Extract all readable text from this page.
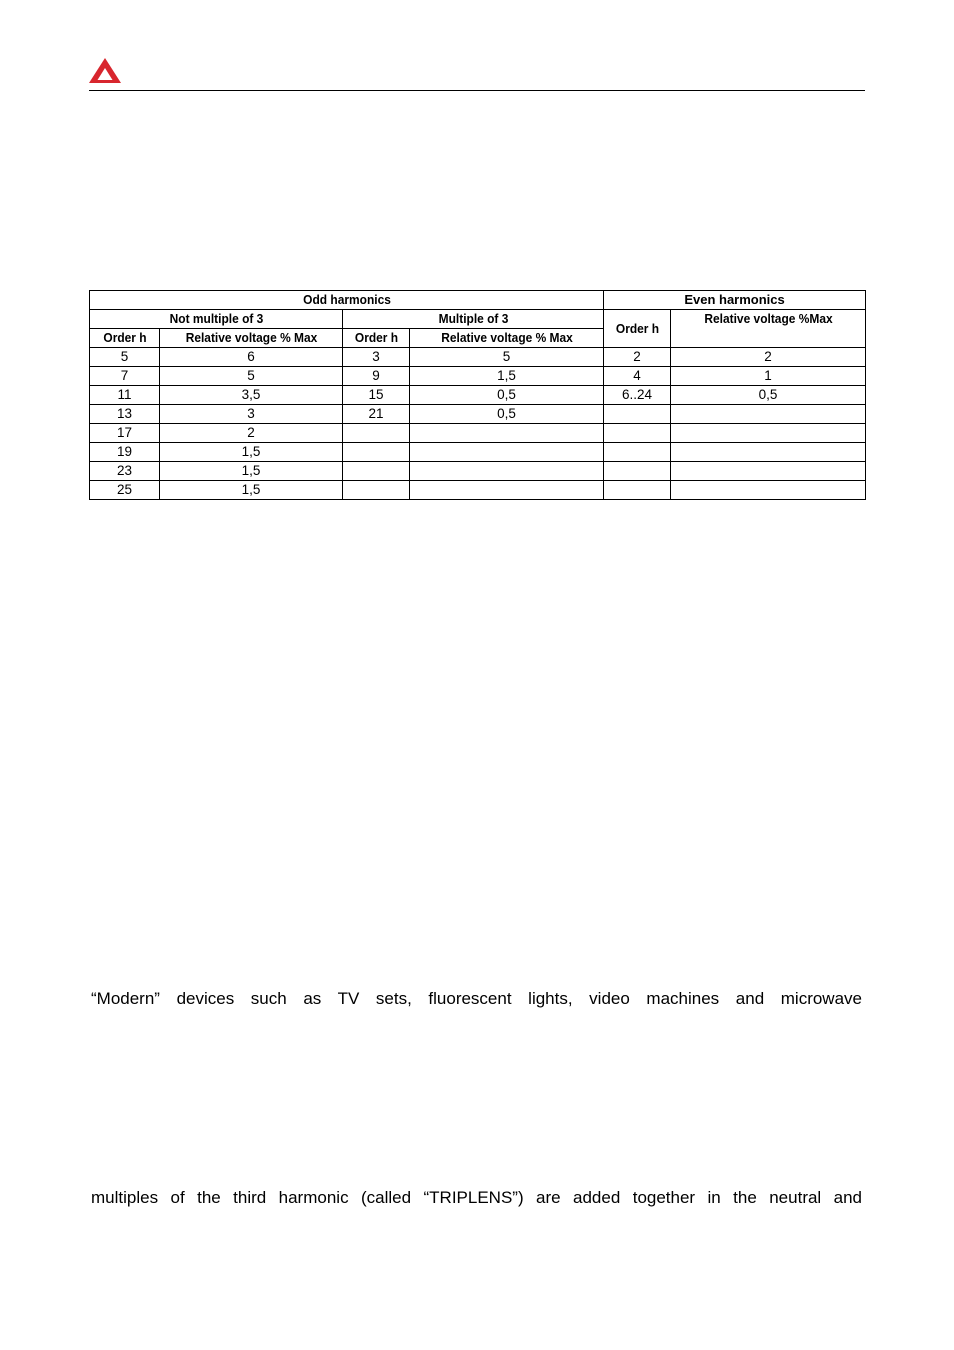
Odd harmonics				Even harmonics	
Not multiple of 3		Multiple of 3		Order h	Relative voltage %Max
Order h	Relative voltage % Max	Order h	Relative voltage % Max		
5	6	3	5	2	2
7	5	9	1,5	4	1
11	3,5	15	0,5	6..24	0,5
13	3	21	0,5		
17	2				
19	1,5				
23	1,5				
25	1,5				
“Modern” devices such as TV sets, fluorescent lights, video machines and microwave
multiples of the third harmonic (called “TRIPLENS”) are added together in the neutral and
